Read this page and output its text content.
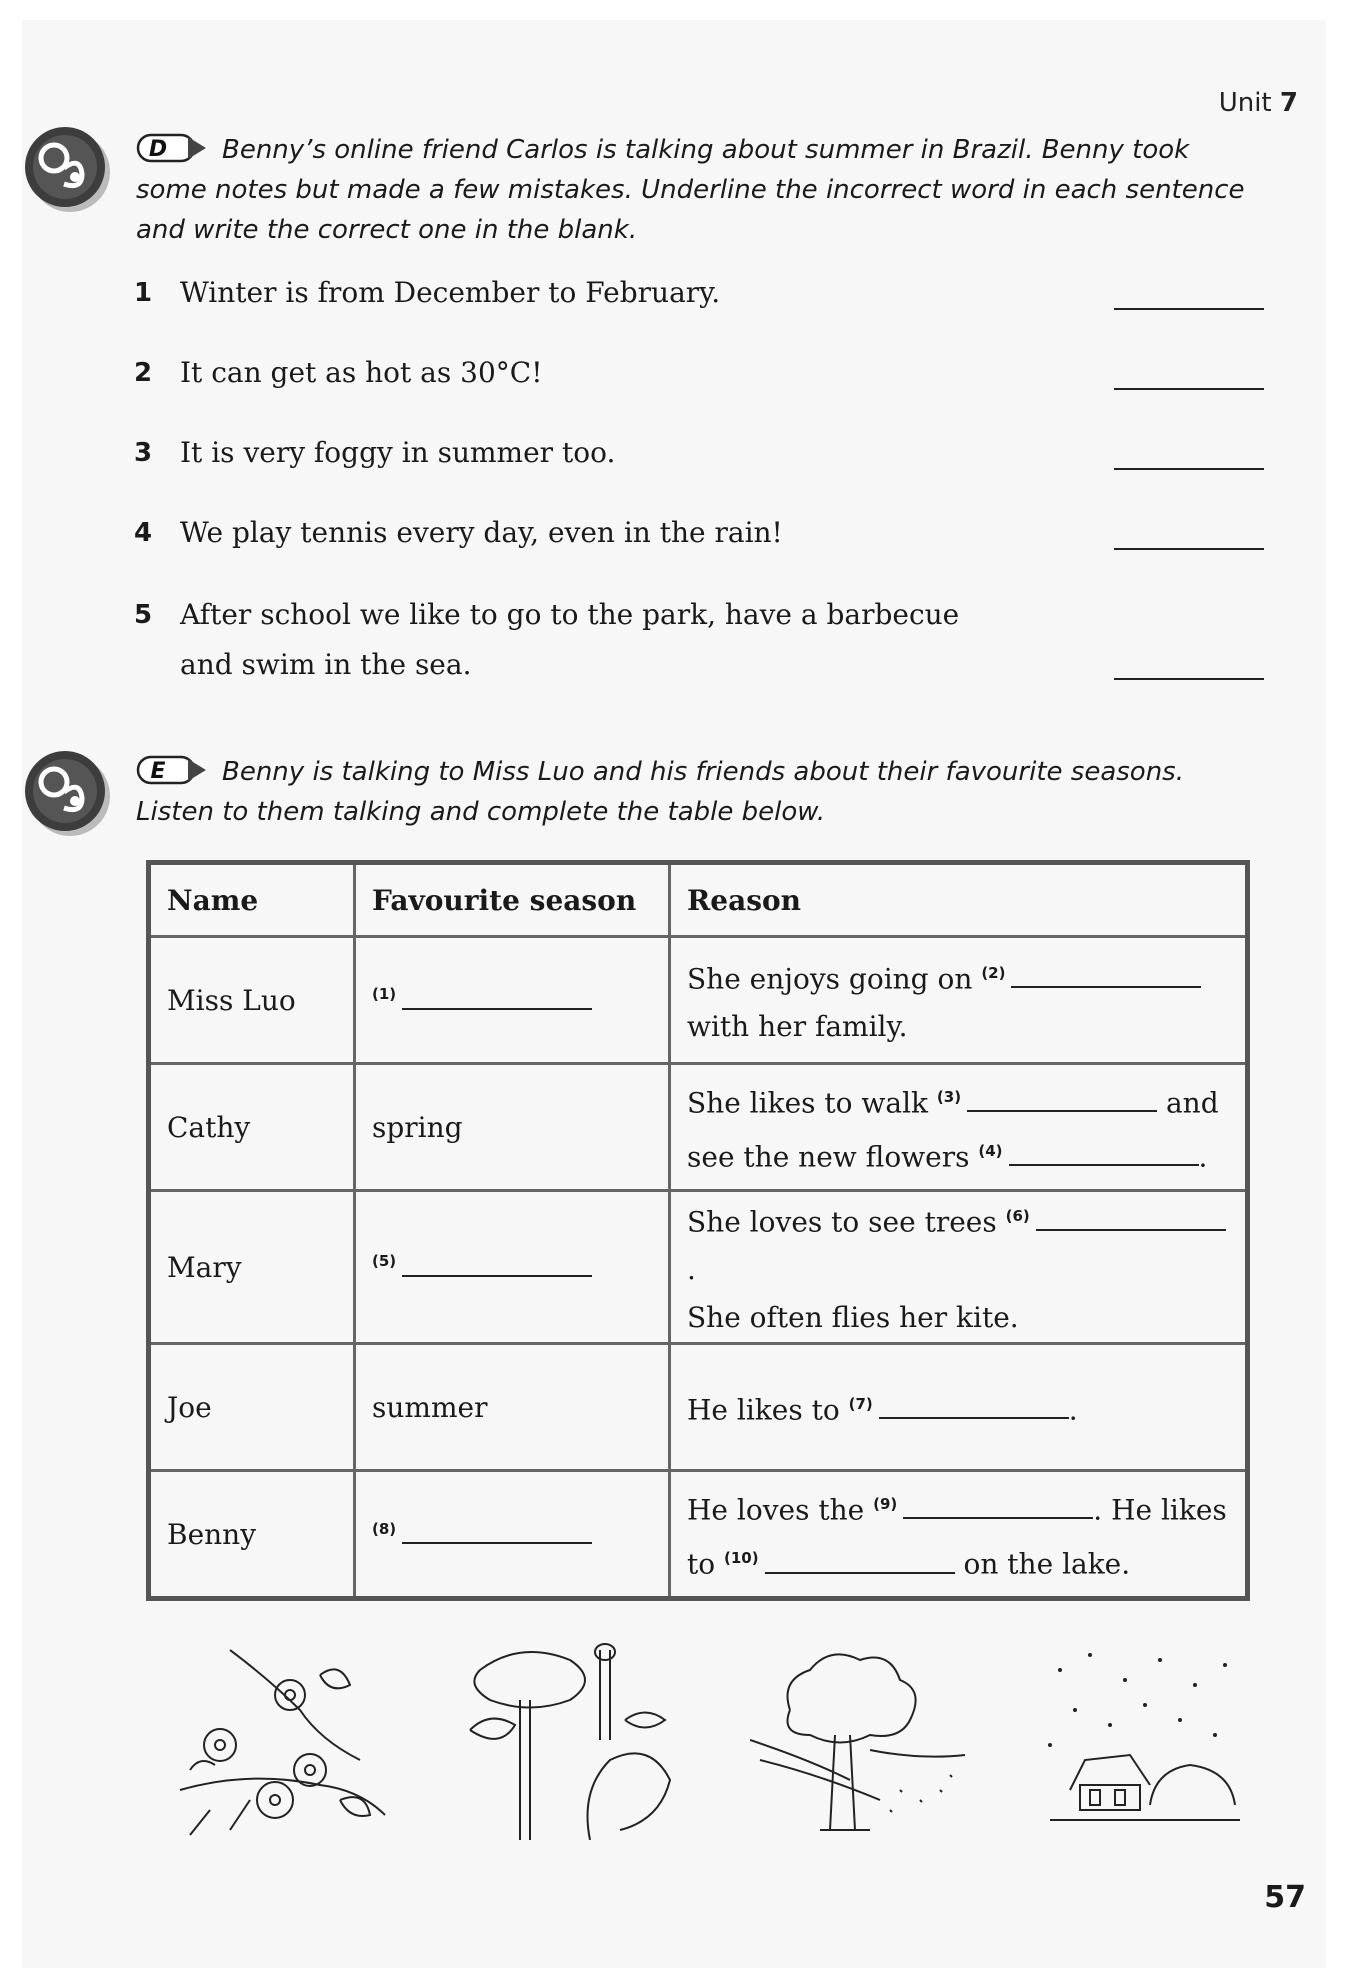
Unit 7
D Benny’s online friend Carlos is talking about summer in Brazil. Benny took some notes but made a few mistakes. Underline the incorrect word in each sentence and write the correct one in the blank.
1 Winter is from December to February.
2 It can get as hot as 30°C!
3 It is very foggy in summer too.
4 We play tennis every day, even in the rain!
5 After school we like to go to the park, have a barbecue and swim in the sea.
E Benny is talking to Miss Luo and his friends about their favourite seasons. Listen to them talking and complete the table below.
Name	Favourite season	Reason
Miss Luo	$^{(1)}$	She enjoys going on $^{(2)}$
with her family.

Cathy	spring	She likes to walk $^{(3)}$ and
see the new flowers $^{(4)}$ .

Mary	$^{(5)}$	She loves to see trees $^{(6)}$.
She often flies her kite.

Joe	summer	He likes to $^{(7)}$ .

Benny	$^{(8)}$	He loves the $^{(9)}$ . He likes
to $^{(10)}$ on the lake.
57
